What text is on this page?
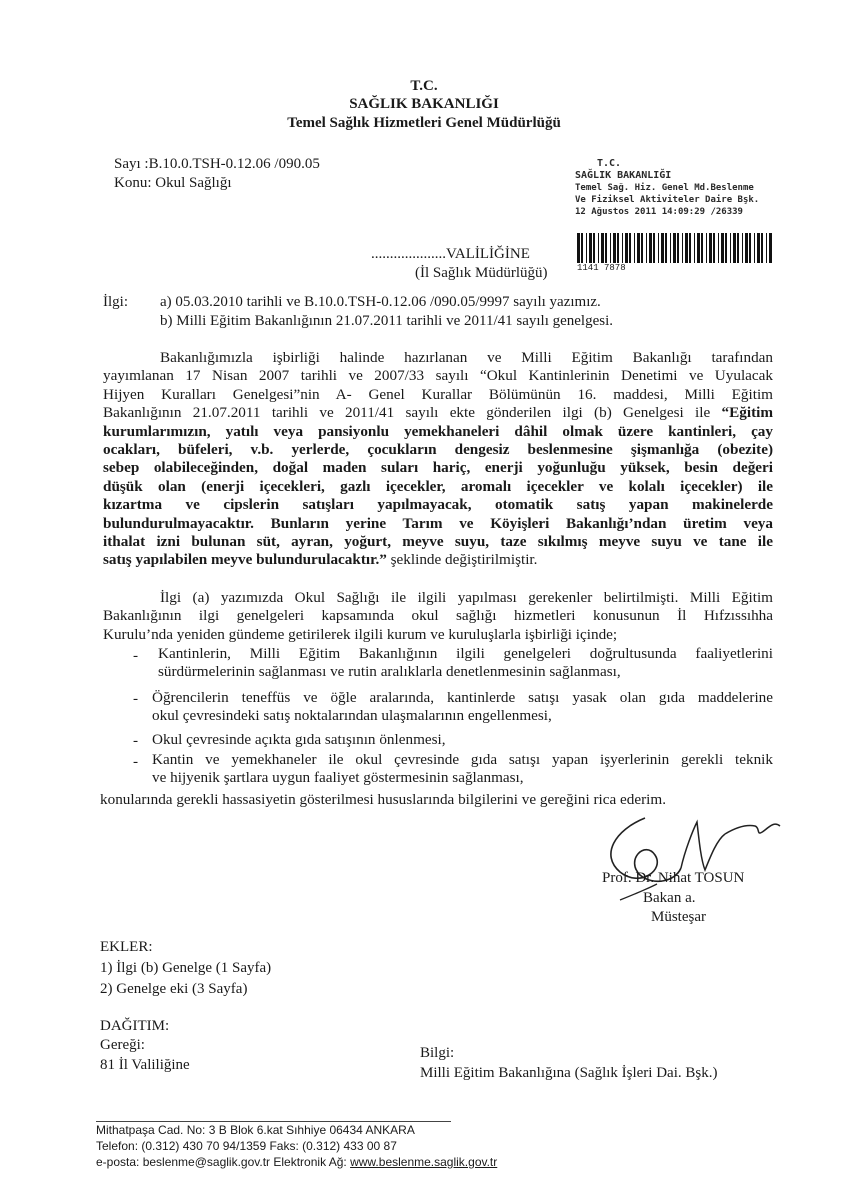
T.C.
SAĞLIK BAKANLIĞI
Temel Sağlık Hizmetleri Genel Müdürlüğü
Sayı :B.10.0.TSH-0.12.06 /090.05
Konu: Okul Sağlığı
T.C.
SAĞLIK BAKANLIĞI
Temel Sağ. Hiz. Genel Md.Beslenme
Ve Fiziksel Aktiviteler Daire Bşk.
12 Ağustos 2011 14:09:29 /26339
1141 7878
....................VALİLİĞİNE
(İl Sağlık Müdürlüğü)
İlgi: a) 05.03.2010 tarihli ve B.10.0.TSH-0.12.06 /090.05/9997 sayılı yazımız.
b) Milli Eğitim Bakanlığının 21.07.2011 tarihli ve 2011/41 sayılı genelgesi.
Bakanlığımızla işbirliği halinde hazırlanan ve Milli Eğitim Bakanlığı tarafından
yayımlanan 17 Nisan 2007 tarihli ve 2007/33 sayılı “Okul Kantinlerinin Denetimi ve Uyulacak
Hijyen Kuralları Genelgesi”nin A- Genel Kurallar Bölümünün 16. maddesi, Milli Eğitim
Bakanlığının 21.07.2011 tarihli ve 2011/41 sayılı ekte gönderilen ilgi (b) Genelgesi ile “Eğitim
kurumlarımızın, yatılı veya pansiyonlu yemekhaneleri dâhil olmak üzere kantinleri, çay
ocakları, büfeleri, v.b. yerlerde, çocukların dengesiz beslenmesine şişmanlığa (obezite)
sebep olabileceğinden, doğal maden suları hariç, enerji yoğunluğu yüksek, besin değeri
düşük olan (enerji içecekleri, gazlı içecekler, aromalı içecekler ve kolalı içecekler) ile
kızartma ve cipslerin satışları yapılmayacak, otomatik satış yapan makinelerde
bulundurulmayacaktır. Bunların yerine Tarım ve Köyişleri Bakanlığı’ndan üretim veya
ithalat izni bulunan süt, ayran, yoğurt, meyve suyu, taze sıkılmış meyve suyu ve tane ile
satış yapılabilen meyve bulundurulacaktır.” şeklinde değiştirilmiştir.
İlgi (a) yazımızda Okul Sağlığı ile ilgili yapılması gerekenler belirtilmişti. Milli Eğitim
Bakanlığının ilgi genelgeleri kapsamında okul sağlığı hizmetleri konusunun İl Hıfzıssıhha
Kurulu’nda yeniden gündeme getirilerek ilgili kurum ve kuruluşlarla işbirliği içinde;
- Kantinlerin, Milli Eğitim Bakanlığının ilgili genelgeleri doğrultusunda faaliyetlerini
sürdürmelerinin sağlanması ve rutin aralıklarla denetlenmesinin sağlanması,
- Öğrencilerin teneffüs ve öğle aralarında, kantinlerde satışı yasak olan gıda maddelerine
okul çevresindeki satış noktalarından ulaşmalarının engellenmesi,
- Okul çevresinde açıkta gıda satışının önlenmesi,
- Kantin ve yemekhaneler ile okul çevresinde gıda satışı yapan işyerlerinin gerekli teknik
ve hijyenik şartlara uygun faaliyet göstermesinin sağlanması,
konularında gerekli hassasiyetin gösterilmesi hususlarında bilgilerini ve gereğini rica ederim.
Prof. Dr. Nihat TOSUN
Bakan a.
Müsteşar
EKLER:
1) İlgi (b) Genelge (1 Sayfa)
2) Genelge eki (3 Sayfa)
DAĞITIM:
Gereği:
81 İl Valiliğine
Bilgi:
Milli Eğitim Bakanlığına (Sağlık İşleri Dai. Bşk.)
Mithatpaşa Cad. No: 3 B Blok 6.kat Sıhhiye 06434 ANKARA
Telefon: (0.312) 430 70 94/1359 Faks: (0.312) 433 00 87
e-posta: beslenme@saglik.gov.tr Elektronik Ağ: www.beslenme.saglik.gov.tr
